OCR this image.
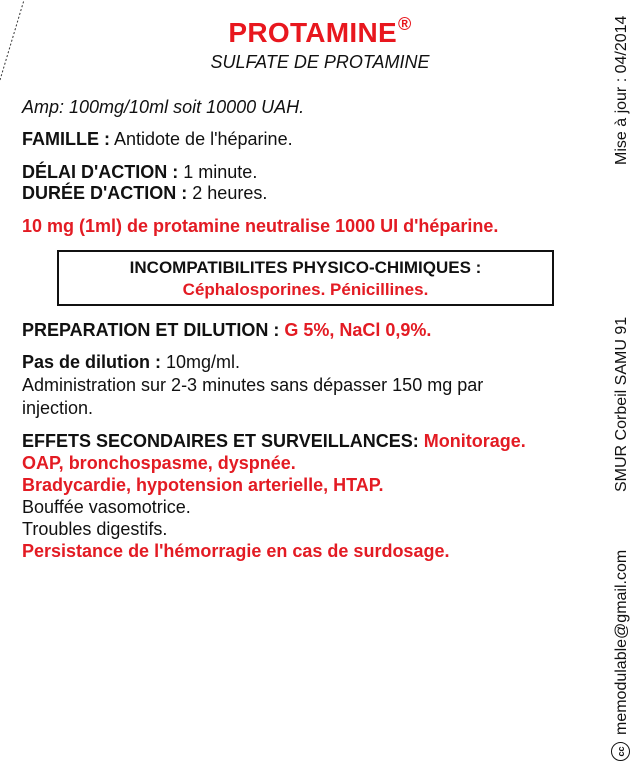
PROTAMINE®
SULFATE DE PROTAMINE
Amp: 100mg/10ml soit 10000 UAH.
FAMILLE : Antidote de l'héparine.
DÉLAI D'ACTION : 1 minute.
DURÉE D'ACTION : 2 heures.
10 mg (1ml) de protamine neutralise 1000 UI d'héparine.
INCOMPATIBILITES PHYSICO-CHIMIQUES :
Céphalosporines. Pénicillines.
PREPARATION ET DILUTION : G 5%, NaCl 0,9%.
Pas de dilution : 10mg/ml.
Administration sur 2-3 minutes sans dépasser 150 mg par
injection.
EFFETS SECONDAIRES ET SURVEILLANCES: Monitorage.
OAP, bronchospasme, dyspnée.
Bradycardie, hypotension arterielle, HTAP.
Bouffée vasomotrice.
Troubles digestifs.
Persistance de l'hémorragie en cas de surdosage.
Mise à jour : 04/2014
SMUR Corbeil SAMU 91
memodulable@gmail.com
cc
